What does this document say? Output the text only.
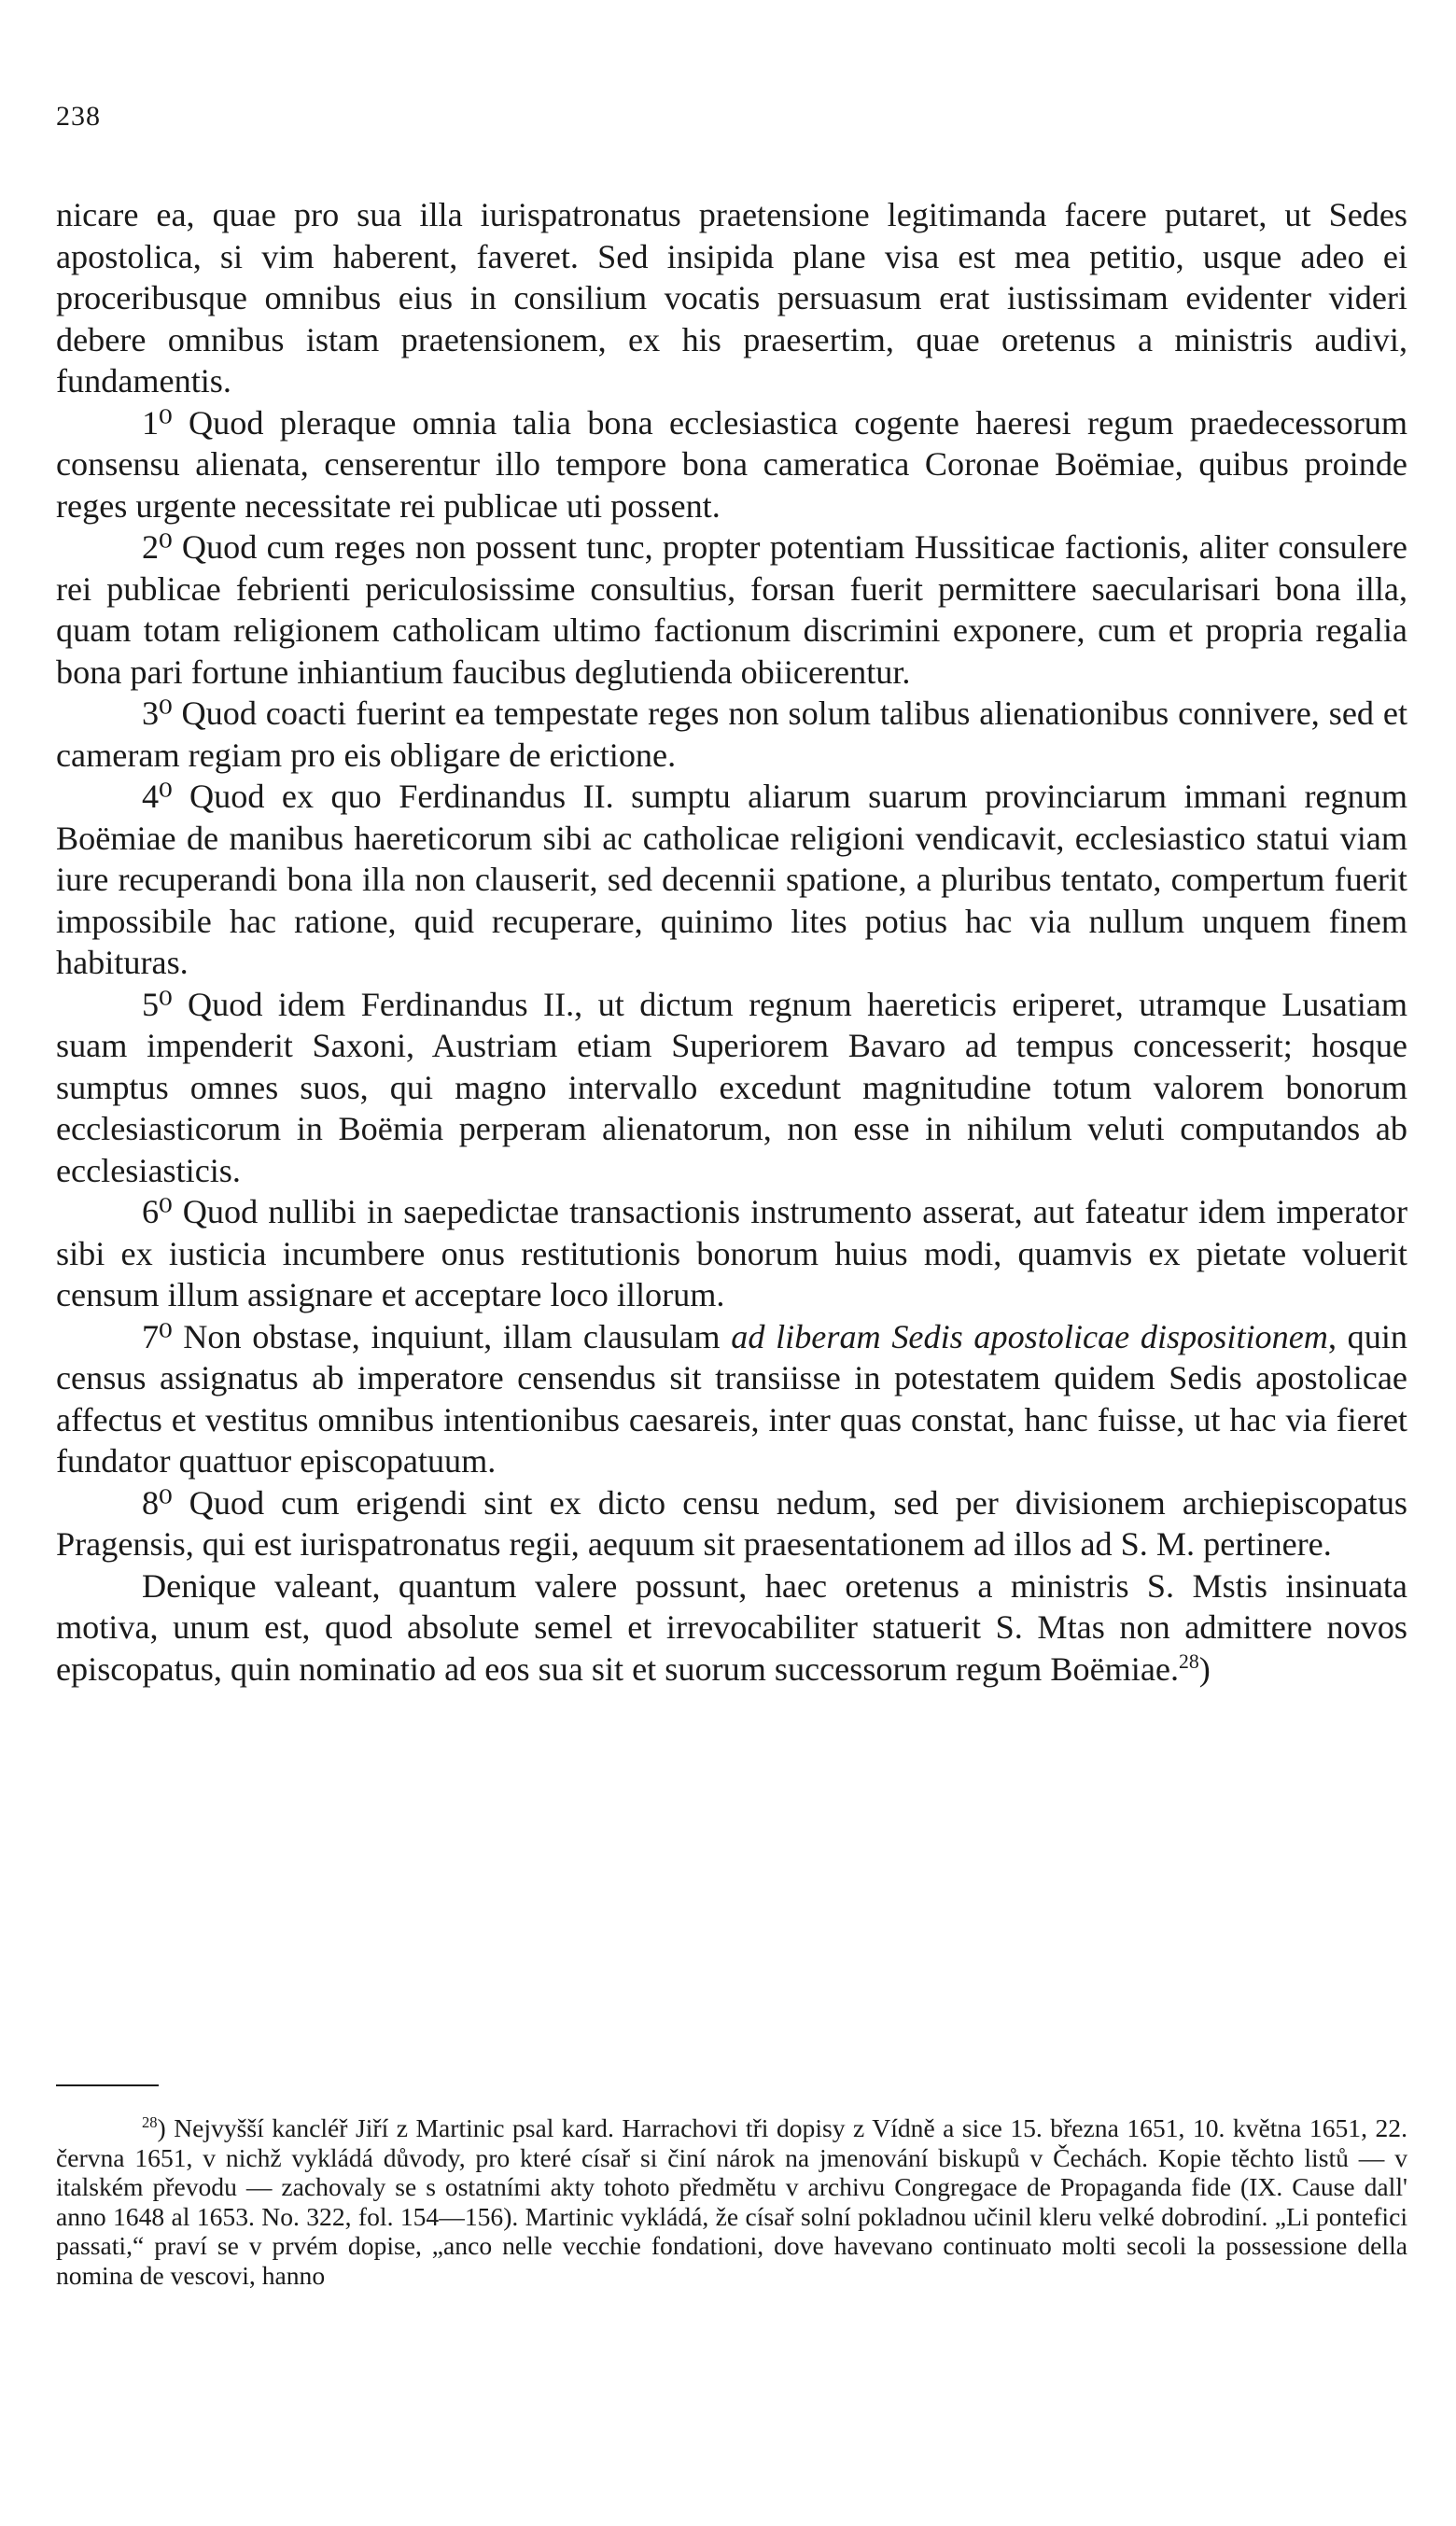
238

nicare ea, quae pro sua illa iurispatronatus praetensione legitimanda facere putaret, ut Sedes apostolica, si vim haberent, faveret. Sed insipida plane visa est mea petitio, usque adeo ei proceribusque omnibus eius in consilium vocatis persuasum erat iustissimam evidenter videri debere omnibus istam praetensionem, ex his praesertim, quae oretenus a ministris audivi, fundamentis.

1⁰ Quod pleraque omnia talia bona ecclesiastica cogente haeresi regum praedecessorum consensu alienata, censerentur illo tempore bona cameratica Coronae Boëmiae, quibus proinde reges urgente necessitate rei publicae uti possent.

2⁰ Quod cum reges non possent tunc, propter potentiam Hussiticae factionis, aliter consulere rei publicae febrienti periculosissime consultius, forsan fuerit permittere saecularisari bona illa, quam totam religionem catholicam ultimo factionum discrimini exponere, cum et propria regalia bona pari fortune inhiantium faucibus deglutienda obiicerentur.

3⁰ Quod coacti fuerint ea tempestate reges non solum talibus alienationibus connivere, sed et cameram regiam pro eis obligare de erictione.

4⁰ Quod ex quo Ferdinandus II. sumptu aliarum suarum provinciarum immani regnum Boëmiae de manibus haereticorum sibi ac catholicae religioni vendicavit, ecclesiastico statui viam iure recuperandi bona illa non clauserit, sed decennii spatione, a pluribus tentato, compertum fuerit impossibile hac ratione, quid recuperare, quinimo lites potius hac via nullum unquem finem habituras.

5⁰ Quod idem Ferdinandus II., ut dictum regnum haereticis eriperet, utramque Lusatiam suam impenderit Saxoni, Austriam etiam Superiorem Bavaro ad tempus concesserit; hosque sumptus omnes suos, qui magno intervallo excedunt magnitudine totum valorem bonorum ecclesiasticorum in Boëmia perperam alienatorum, non esse in nihilum veluti computandos ab ecclesiasticis.

6⁰ Quod nullibi in saepedictae transactionis instrumento asserat, aut fateatur idem imperator sibi ex iusticia incumbere onus restitutionis bonorum huius modi, quamvis ex pietate voluerit censum illum assignare et acceptare loco illorum.

7⁰ Non obstase, inquiunt, illam clausulam ad liberam Sedis apostolicae dispositionem, quin census assignatus ab imperatore censendus sit transiisse in potestatem quidem Sedis apostolicae affectus et vestitus omnibus intentionibus caesareis, inter quas constat, hanc fuisse, ut hac via fieret fundator quattuor episcopatuum.

8⁰ Quod cum erigendi sint ex dicto censu nedum, sed per divisionem archiepiscopatus Pragensis, qui est iurispatronatus regii, aequum sit praesentationem ad illos ad S. M. pertinere.

Denique valeant, quantum valere possunt, haec oretenus a ministris S. Mstis insinuata motiva, unum est, quod absolute semel et irrevocabiliter statuerit S. Mtas non admittere novos episcopatus, quin nominatio ad eos sua sit et suorum successorum regum Boëmiae.$^{28}$)

$^{28}$) Nejvyšší kancléř Jiří z Martinic psal kard. Harrachovi tři dopisy z Vídně a sice 15. března 1651, 10. května 1651, 22. června 1651, v nichž vykládá důvody, pro které císař si činí nárok na jmenování biskupů v Čechách. Kopie těchto listů — v italském převodu — zachovaly se s ostatními akty tohoto předmětu v archivu Congregace de Propaganda fide (IX. Cause dall' anno 1648 al 1653. No. 322, fol. 154—156). Martinic vykládá, že císař solní pokladnou učinil kleru velké dobrodiní. „Li pontefici passati,“ praví se v prvém dopise, „anco nelle vecchie fondationi, dove havevano continuato molti secoli la possessione della nomina de vescovi, hanno
